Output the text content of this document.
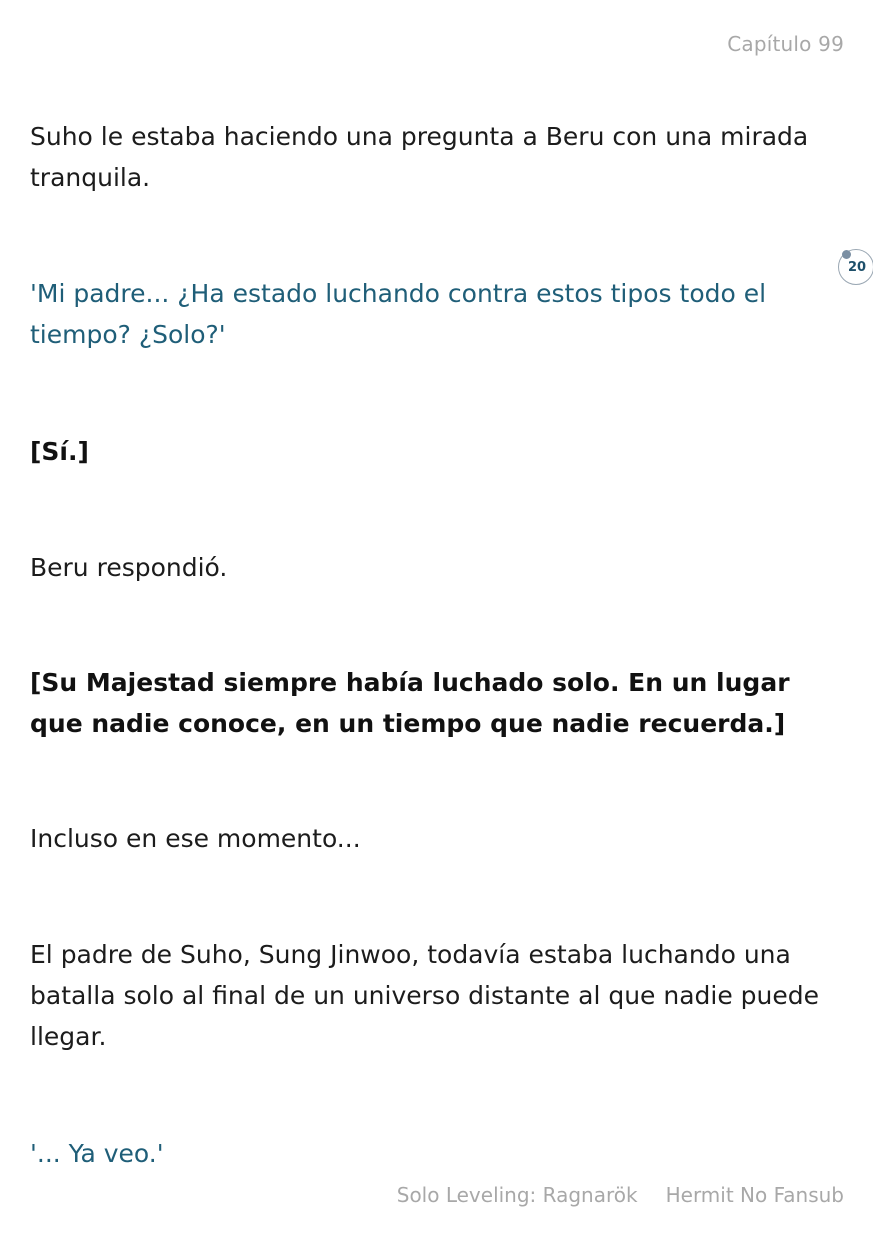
Capítulo 99

Suho le estaba haciendo una pregunta a Beru con una mirada tranquila.

'Mi padre... ¿Ha estado luchando contra estos tipos todo el tiempo? ¿Solo?'

[Sí.]

Beru respondió.

[Su Majestad siempre había luchado solo. En un lugar que nadie conoce, en un tiempo que nadie recuerda.]

Incluso en ese momento...

El padre de Suho, Sung Jinwoo, todavía estaba luchando una batalla solo al final de un universo distante al que nadie puede llegar.

'... Ya veo.'

20
Solo Leveling: Ragnarök Hermit No Fansub
